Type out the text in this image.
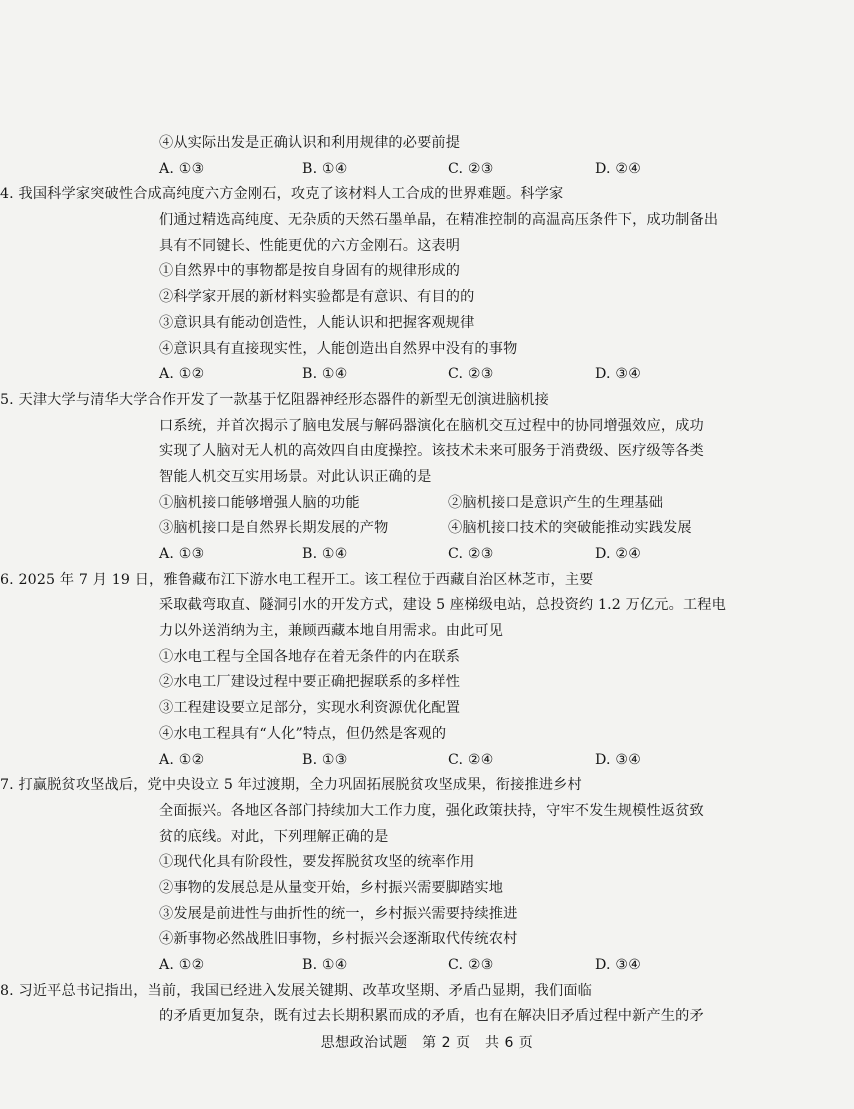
④从实际出发是正确认识和利用规律的必要前提
A. ①③	B. ①④	C. ②③	D. ②④
4. 我国科学家突破性合成高纯度六方金刚石，攻克了该材料人工合成的世界难题。科学家
们通过精选高纯度、无杂质的天然石墨单晶，在精准控制的高温高压条件下，成功制备出
具有不同键长、性能更优的六方金刚石。这表明
①自然界中的事物都是按自身固有的规律形成的
②科学家开展的新材料实验都是有意识、有目的的
③意识具有能动创造性，人能认识和把握客观规律
④意识具有直接现实性，人能创造出自然界中没有的事物
A. ①②	B. ①④	C. ②③	D. ③④
5. 天津大学与清华大学合作开发了一款基于忆阻器神经形态器件的新型无创演进脑机接
口系统，并首次揭示了脑电发展与解码器演化在脑机交互过程中的协同增强效应，成功
实现了人脑对无人机的高效四自由度操控。该技术未来可服务于消费级、医疗级等各类
智能人机交互实用场景。对此认识正确的是
①脑机接口能够增强人脑的功能	②脑机接口是意识产生的生理基础
③脑机接口是自然界长期发展的产物	④脑机接口技术的突破能推动实践发展
A. ①③	B. ①④	C. ②③	D. ②④
6. 2025 年 7 月 19 日，雅鲁藏布江下游水电工程开工。该工程位于西藏自治区林芝市，主要
采取截弯取直、隧洞引水的开发方式，建设 5 座梯级电站，总投资约 1.2 万亿元。工程电
力以外送消纳为主，兼顾西藏本地自用需求。由此可见
①水电工程与全国各地存在着无条件的内在联系
②水电工厂建设过程中要正确把握联系的多样性
③工程建设要立足部分，实现水利资源优化配置
④水电工程具有“人化”特点，但仍然是客观的
A. ①②	B. ①③	C. ②④	D. ③④
7. 打赢脱贫攻坚战后，党中央设立 5 年过渡期，全力巩固拓展脱贫攻坚成果，衔接推进乡村
全面振兴。各地区各部门持续加大工作力度，强化政策扶持，守牢不发生规模性返贫致
贫的底线。对此，下列理解正确的是
①现代化具有阶段性，要发挥脱贫攻坚的统率作用
②事物的发展总是从量变开始，乡村振兴需要脚踏实地
③发展是前进性与曲折性的统一，乡村振兴需要持续推进
④新事物必然战胜旧事物，乡村振兴会逐渐取代传统农村
A. ①②	B. ①④	C. ②③	D. ③④
8. 习近平总书记指出，当前，我国已经进入发展关键期、改革攻坚期、矛盾凸显期，我们面临
的矛盾更加复杂，既有过去长期积累而成的矛盾，也有在解决旧矛盾过程中新产生的矛
思想政治试题　第 2 页　共 6 页
